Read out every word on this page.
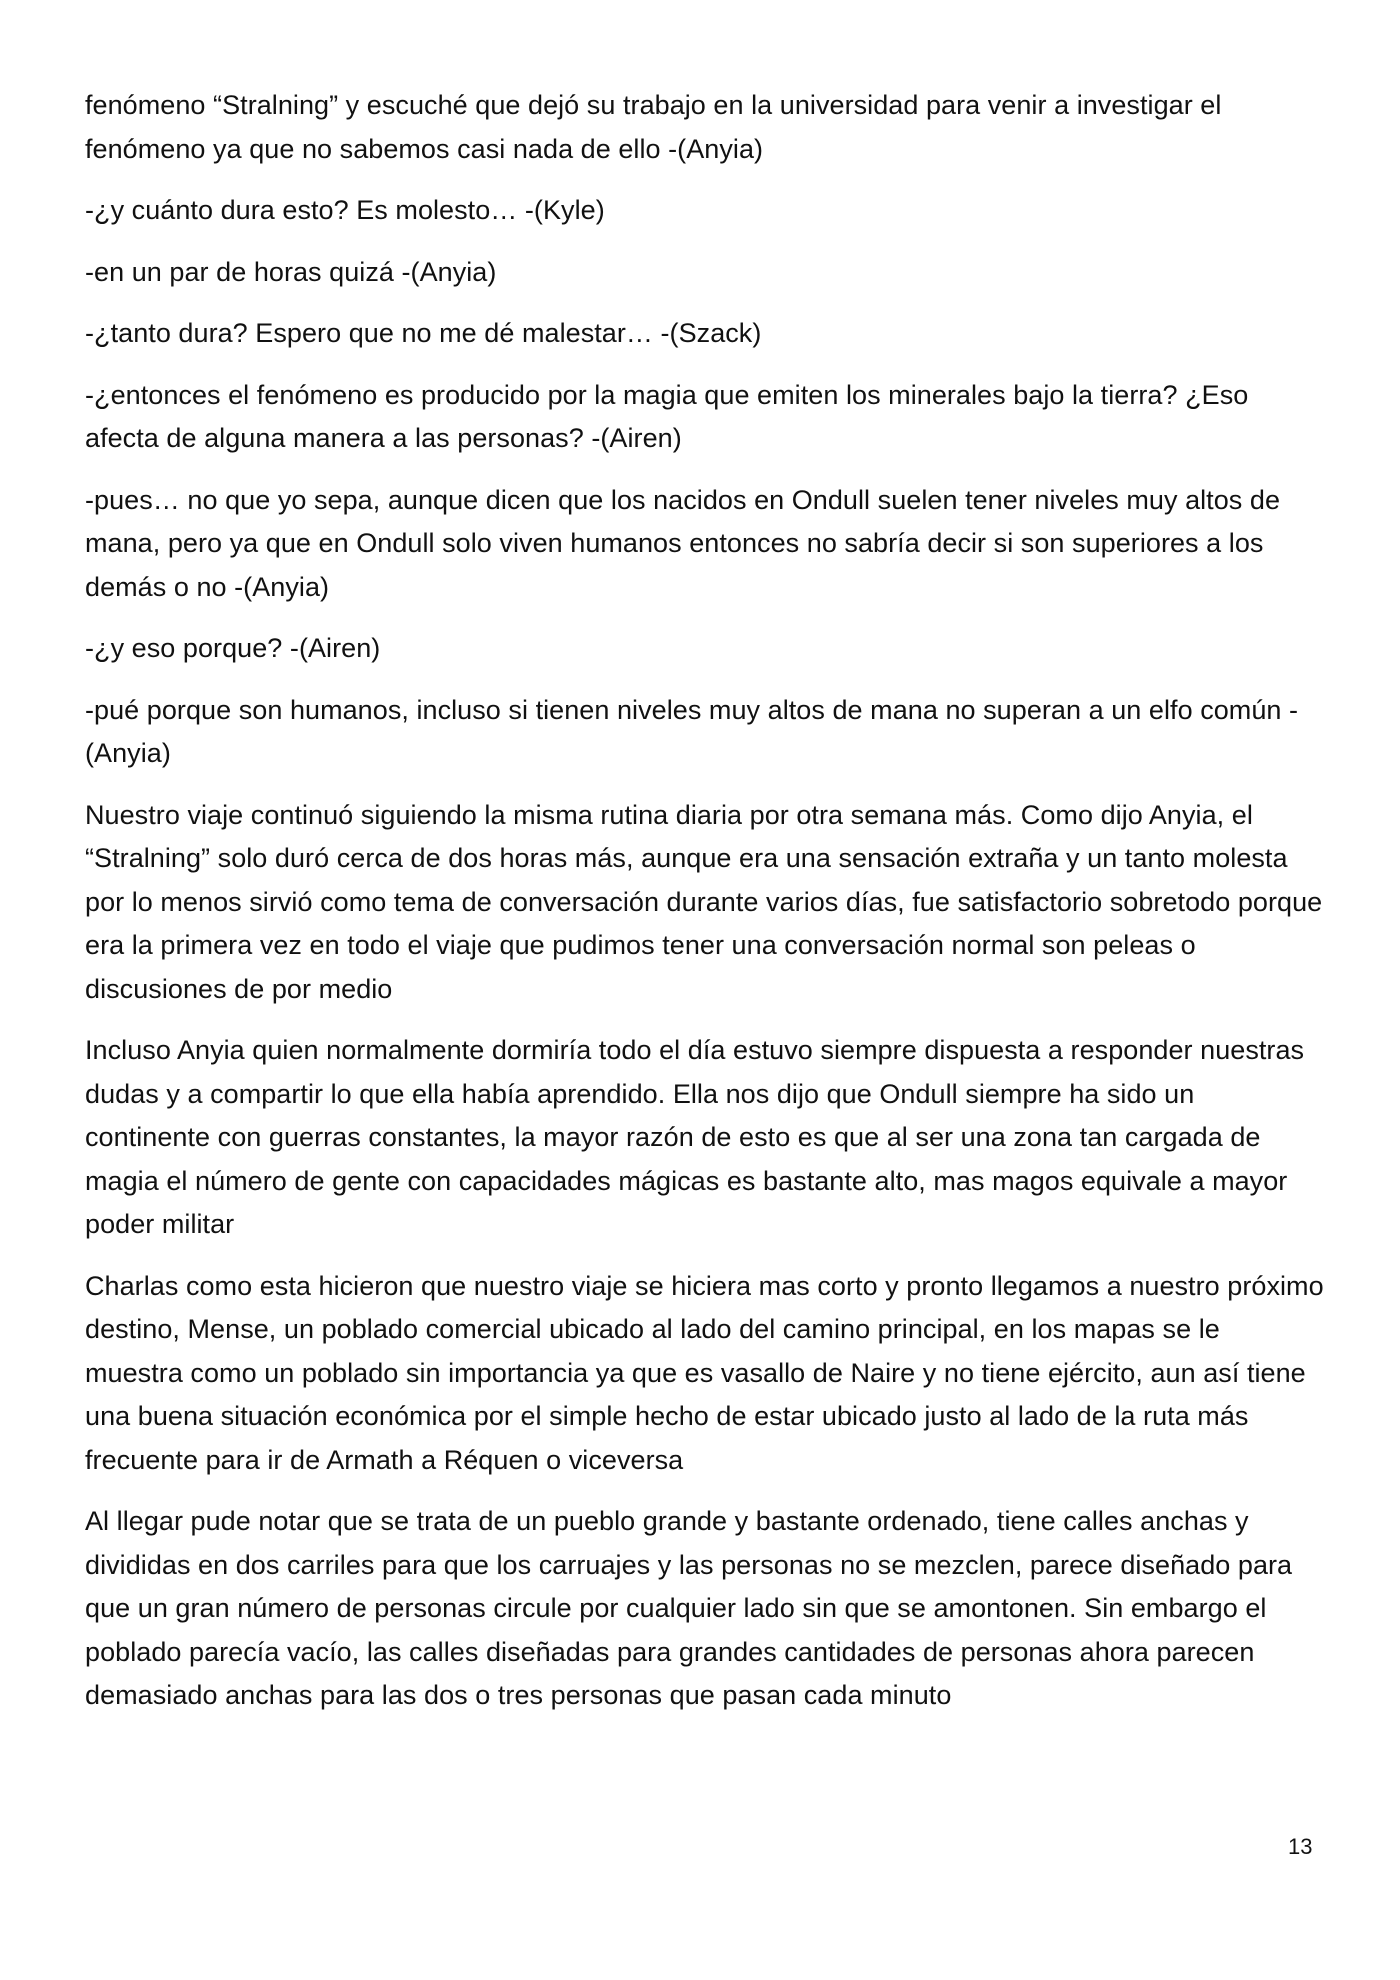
fenómeno “Stralning” y escuché que dejó su trabajo en la universidad para venir a investigar el fenómeno ya que no sabemos casi nada de ello -(Anyia)

-¿y cuánto dura esto? Es molesto… -(Kyle)

-en un par de horas quizá -(Anyia)

-¿tanto dura? Espero que no me dé malestar… -(Szack)

-¿entonces el fenómeno es producido por la magia que emiten los minerales bajo la tierra? ¿Eso afecta de alguna manera a las personas? -(Airen)

-pues… no que yo sepa, aunque dicen que los nacidos en Ondull suelen tener niveles muy altos de mana, pero ya que en Ondull solo viven humanos entonces no sabría decir si son superiores a los demás o no -(Anyia)

-¿y eso porque? -(Airen)

-pué porque son humanos, incluso si tienen niveles muy altos de mana no superan a un elfo común -(Anyia)

Nuestro viaje continuó siguiendo la misma rutina diaria por otra semana más. Como dijo Anyia, el “Stralning” solo duró cerca de dos horas más, aunque era una sensación extraña y un tanto molesta por lo menos sirvió como tema de conversación durante varios días, fue satisfactorio sobretodo porque era la primera vez en todo el viaje que pudimos tener una conversación normal son peleas o discusiones de por medio

Incluso Anyia quien normalmente dormiría todo el día estuvo siempre dispuesta a responder nuestras dudas y a compartir lo que ella había aprendido. Ella nos dijo que Ondull siempre ha sido un continente con guerras constantes, la mayor razón de esto es que al ser una zona tan cargada de magia el número de gente con capacidades mágicas es bastante alto, mas magos equivale a mayor poder militar

Charlas como esta hicieron que nuestro viaje se hiciera mas corto y pronto llegamos a nuestro próximo destino, Mense, un poblado comercial ubicado al lado del camino principal, en los mapas se le muestra como un poblado sin importancia ya que es vasallo de Naire y no tiene ejército, aun así tiene una buena situación económica por el simple hecho de estar ubicado justo al lado de la ruta más frecuente para ir de Armath a Réquen o viceversa

Al llegar pude notar que se trata de un pueblo grande y bastante ordenado, tiene calles anchas y divididas en dos carriles para que los carruajes y las personas no se mezclen, parece diseñado para que un gran número de personas circule por cualquier lado sin que se amontonen. Sin embargo el poblado parecía vacío, las calles diseñadas para grandes cantidades de personas ahora parecen demasiado anchas para las dos o tres personas que pasan cada minuto

13
